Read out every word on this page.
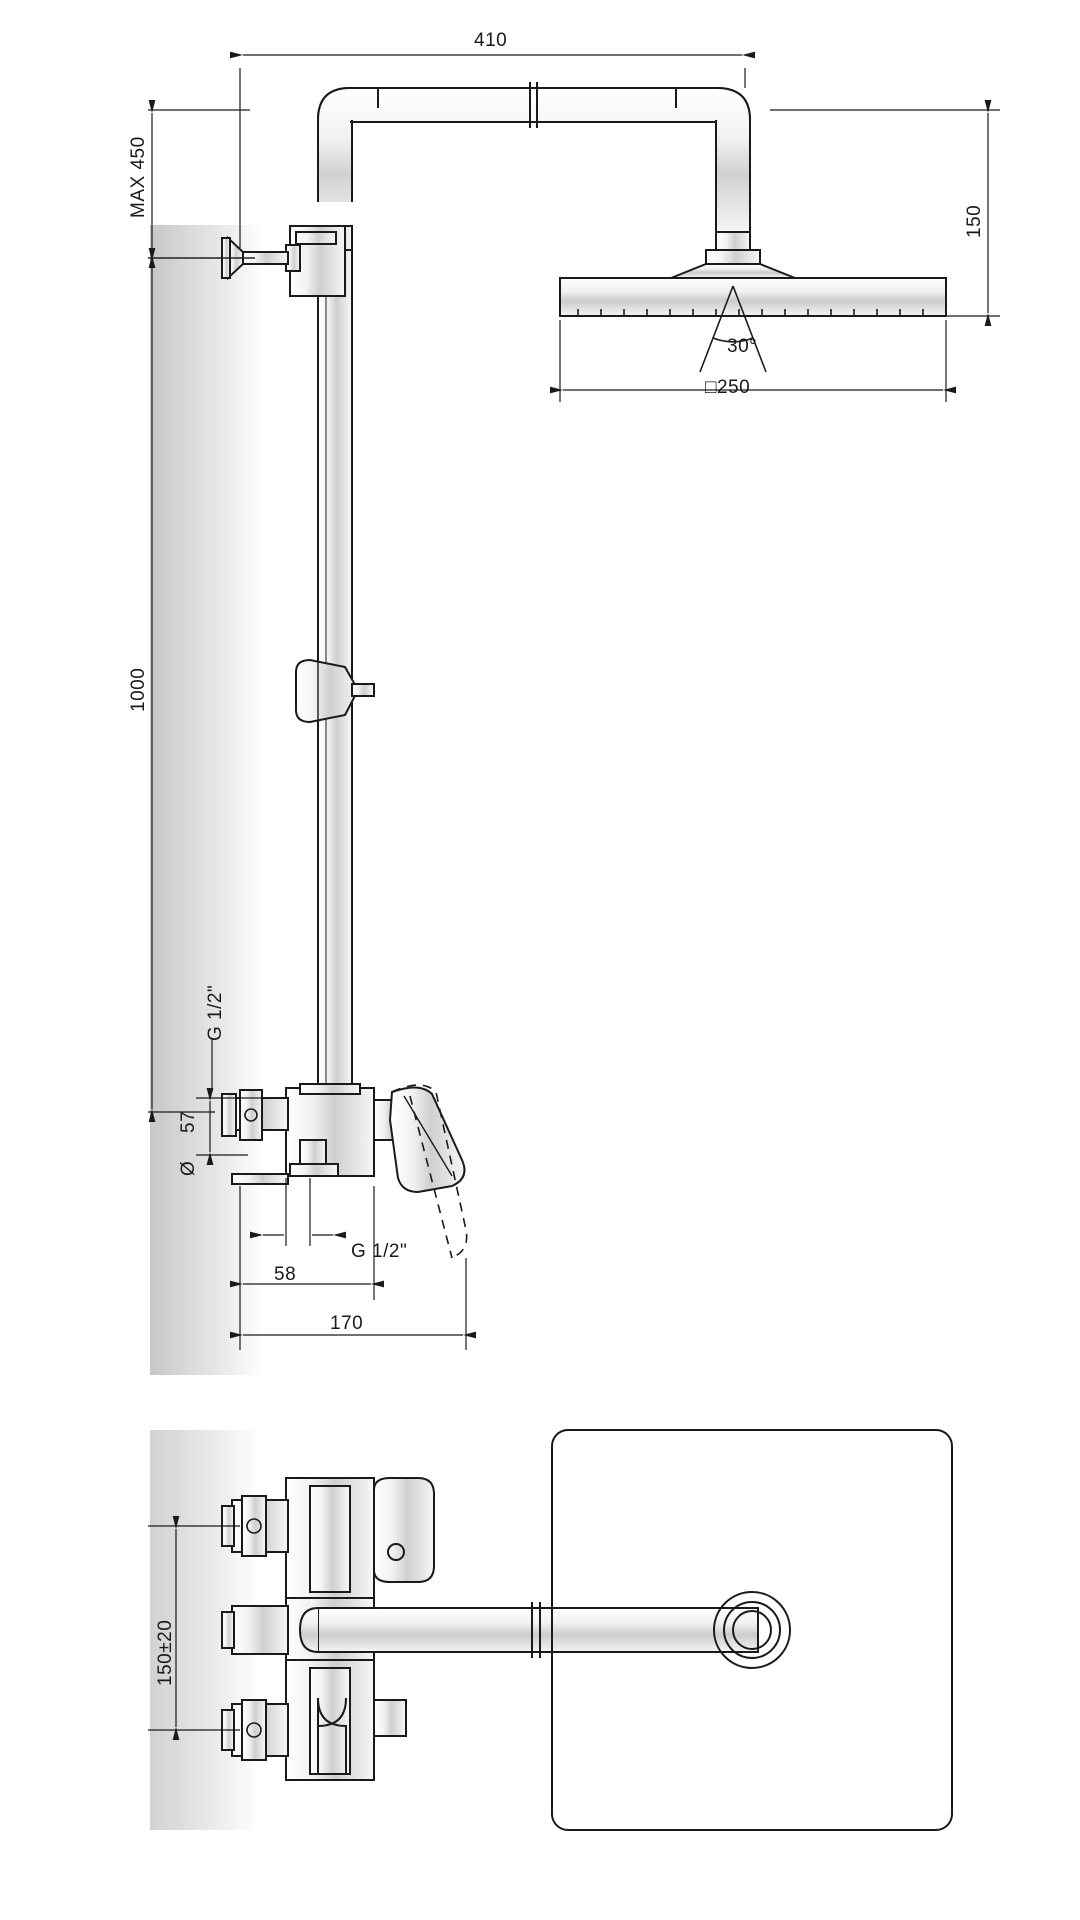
410
MAX 450
150
30°
□250
1000
G 1/2"
57
Ø
G 1/2"
58
170
150±20
